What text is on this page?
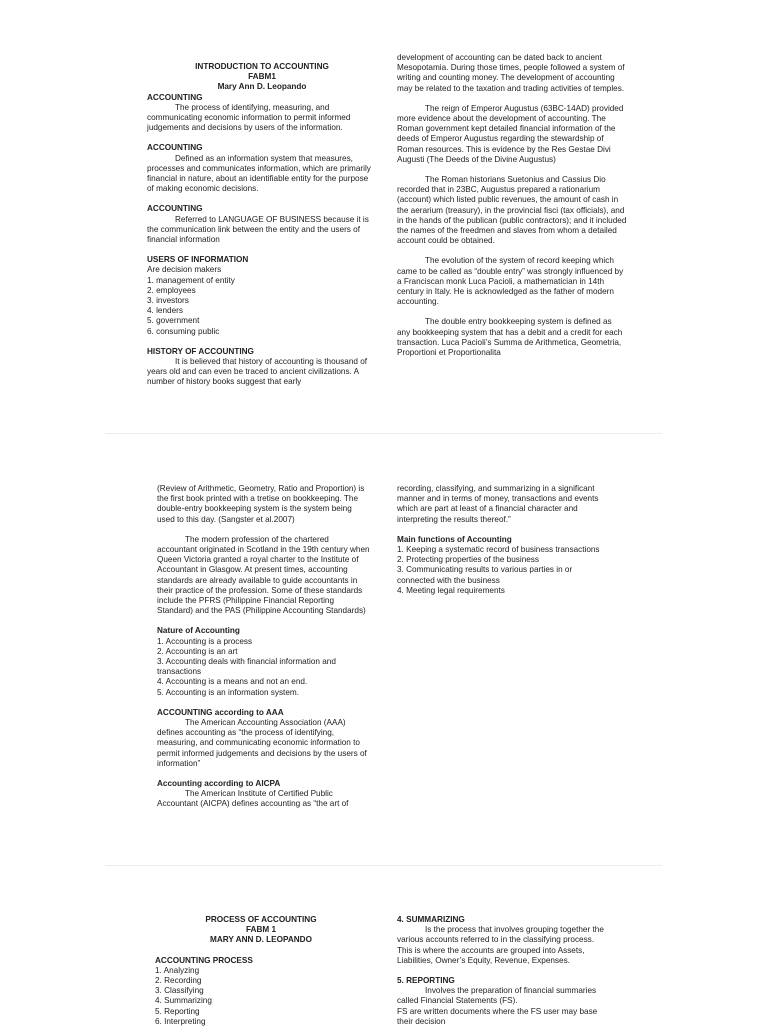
INTRODUCTION TO ACCOUNTING
FABM1
Mary Ann D. Leopando
ACCOUNTING

The process of identifying, measuring, and communicating economic information to permit informed judgements and decisions by users of the information.

ACCOUNTING

Defined as an information system that measures, processes and communicates information, which are primarily financial in nature, about an identifiable entity for the purpose of making economic decisions.

ACCOUNTING

Referred to LANGUAGE OF BUSINESS because it is the communication link between the entity and the users of financial information

USERS OF INFORMATION
Are decision makers
1. management of entity
2. employees
3. investors
4. lenders
5. government
6. consuming public
HISTORY OF ACCOUNTING

It is believed that history of accounting is thousand of years old and can even be traced to ancient civilizations. A number of history books suggest that early

development of accounting can be dated back to ancient Mesopotamia. During those times, people followed a system of writing and counting money. The development of accounting may be related to the taxation and trading activities of temples.

The reign of Emperor Augustus (63BC-14AD) provided more evidence about the development of accounting. The Roman government kept detailed financial information of the deeds of Emperor Augustus regarding the stewardship of Roman resources. This is evidence by the Res Gestae Divi Augusti (The Deeds of the Divine Augustus)

The Roman historians Suetonius and Cassius Dio recorded that in 23BC, Augustus prepared a rationarium (account) which listed public revenues, the amount of cash in the aerarium (treasury), in the provincial fisci (tax officials), and in the hands of the publican (public contractors); and it included the names of the freedmen and slaves from whom a detailed account could be obtained.

The evolution of the system of record keeping which came to be called as “double entry” was strongly influenced by a Franciscan monk Luca Pacioli, a mathematician in 14th century in Italy. He is acknowledged as the father of modern accounting.

The double entry bookkeeping system is defined as any bookkeeping system that has a debit and a credit for each transaction. Luca Pacioli’s Summa de Arithmetica, Geometria, Proportioni et Proportionalita

(Review of Arithmetic, Geometry, Ratio and Proportion) is the first book printed with a tretise on bookkeeping. The double-entry bookkeeping system is the system being used to this day. (Sangster et al.2007)

The modern profession of the chartered accountant originated in Scotland in the 19th century when Queen Victoria granted a royal charter to the Institute of Accountant in Glasgow. At present times, accounting standards are already available to guide accountants in their practice of the profession. Some of these standards include the PFRS (Philippine Financial Reporting Standard) and the PAS (Philippine Accounting Standards)

Nature of Accounting
1. Accounting is a process
2. Accounting is an art
3. Accounting deals with financial information and transactions
4. Accounting is a means and not an end.
5. Accounting is an information system.
ACCOUNTING according to AAA

The American Accounting Association (AAA) defines accounting as “the process of identifying, measuring, and communicating economic information to permit informed judgements and decisions by the users of information”

Accounting according to AICPA

The American Institute of Certified Public Accountant (AICPA) defines accounting as “the art of

recording, classifying, and summarizing in a significant manner and in terms of money, transactions and events which are part at least of a financial character and interpreting the results thereof.”

Main functions of Accounting
1. Keeping a systematic record of business transactions
2. Protecting properties of the business
3. Communicating results to various parties in or connected with the business
4. Meeting legal requirements
PROCESS OF ACCOUNTING
FABM 1
MARY ANN D. LEOPANDO
ACCOUNTING PROCESS
1. Analyzing
2. Recording
3. Classifying
4. Summarizing
5. Reporting
6. Interpreting
4. SUMMARIZING

Is the process that involves grouping together the various accounts referred to in the classifying process. This is where the accounts are grouped into Assets, Liabilities, Owner’s Equity, Revenue, Expenses.

5. REPORTING

Involves the preparation of financial summaries called Financial Statements (FS).

FS are written documents where the FS user may base their decision
